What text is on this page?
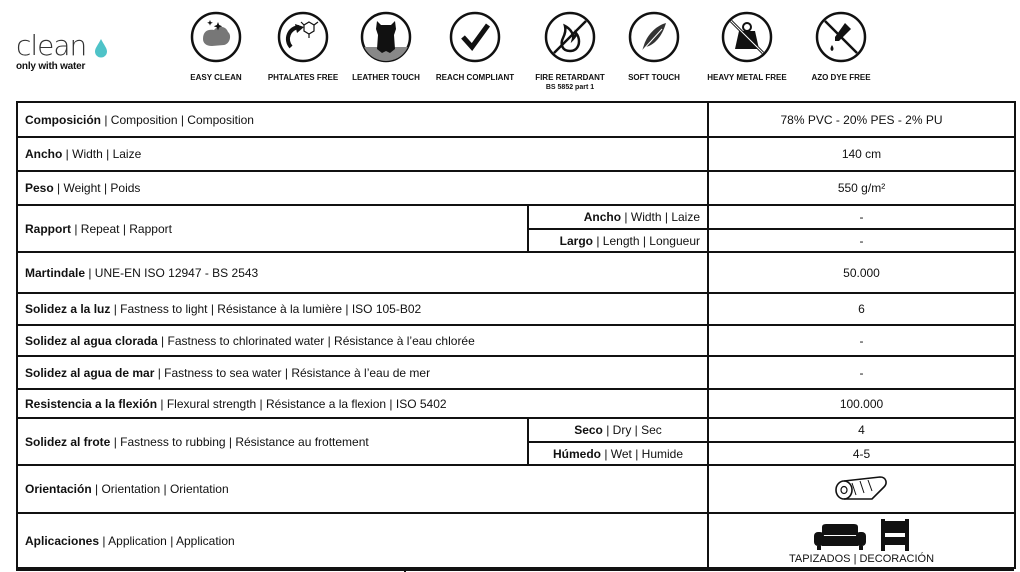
clean
only with water
EASY CLEAN	PHTALATES FREE	LEATHER TOUCH	REACH COMPLIANT	FIRE RETARDANT
BS 5852 part 1
SOFT TOUCH	HEAVY METAL FREE	AZO DYE FREE
Composición | Composition | Composition		78% PVC - 20% PES - 2% PU
Ancho | Width | Laize		140 cm
Peso | Weight | Poids		550 g/m²
Rapport | Repeat | Rapport	Ancho | Width | Laize	-
	Largo | Length | Longueur	-
Martindale | UNE-EN ISO 12947 - BS 2543		50.000
Solidez a la luz | Fastness to light | Résistance à la lumière | ISO 105-B02		6
Solidez al agua clorada | Fastness to chlorinated water | Résistance à l’eau chlorée		-
Solidez al agua de mar | Fastness to sea water | Résistance à l’eau de mer		-
Resistencia a la flexión | Flexural strength | Résistance a la flexion | ISO 5402		100.000
Solidez al frote | Fastness to rubbing | Résistance au frottement	Seco | Dry | Sec	4
	Húmedo | Wet | Humide	4-5
Orientación | Orientation | Orientation	
Aplicaciones | Application | Application		TAPIZADOS | DECORACIÓN
